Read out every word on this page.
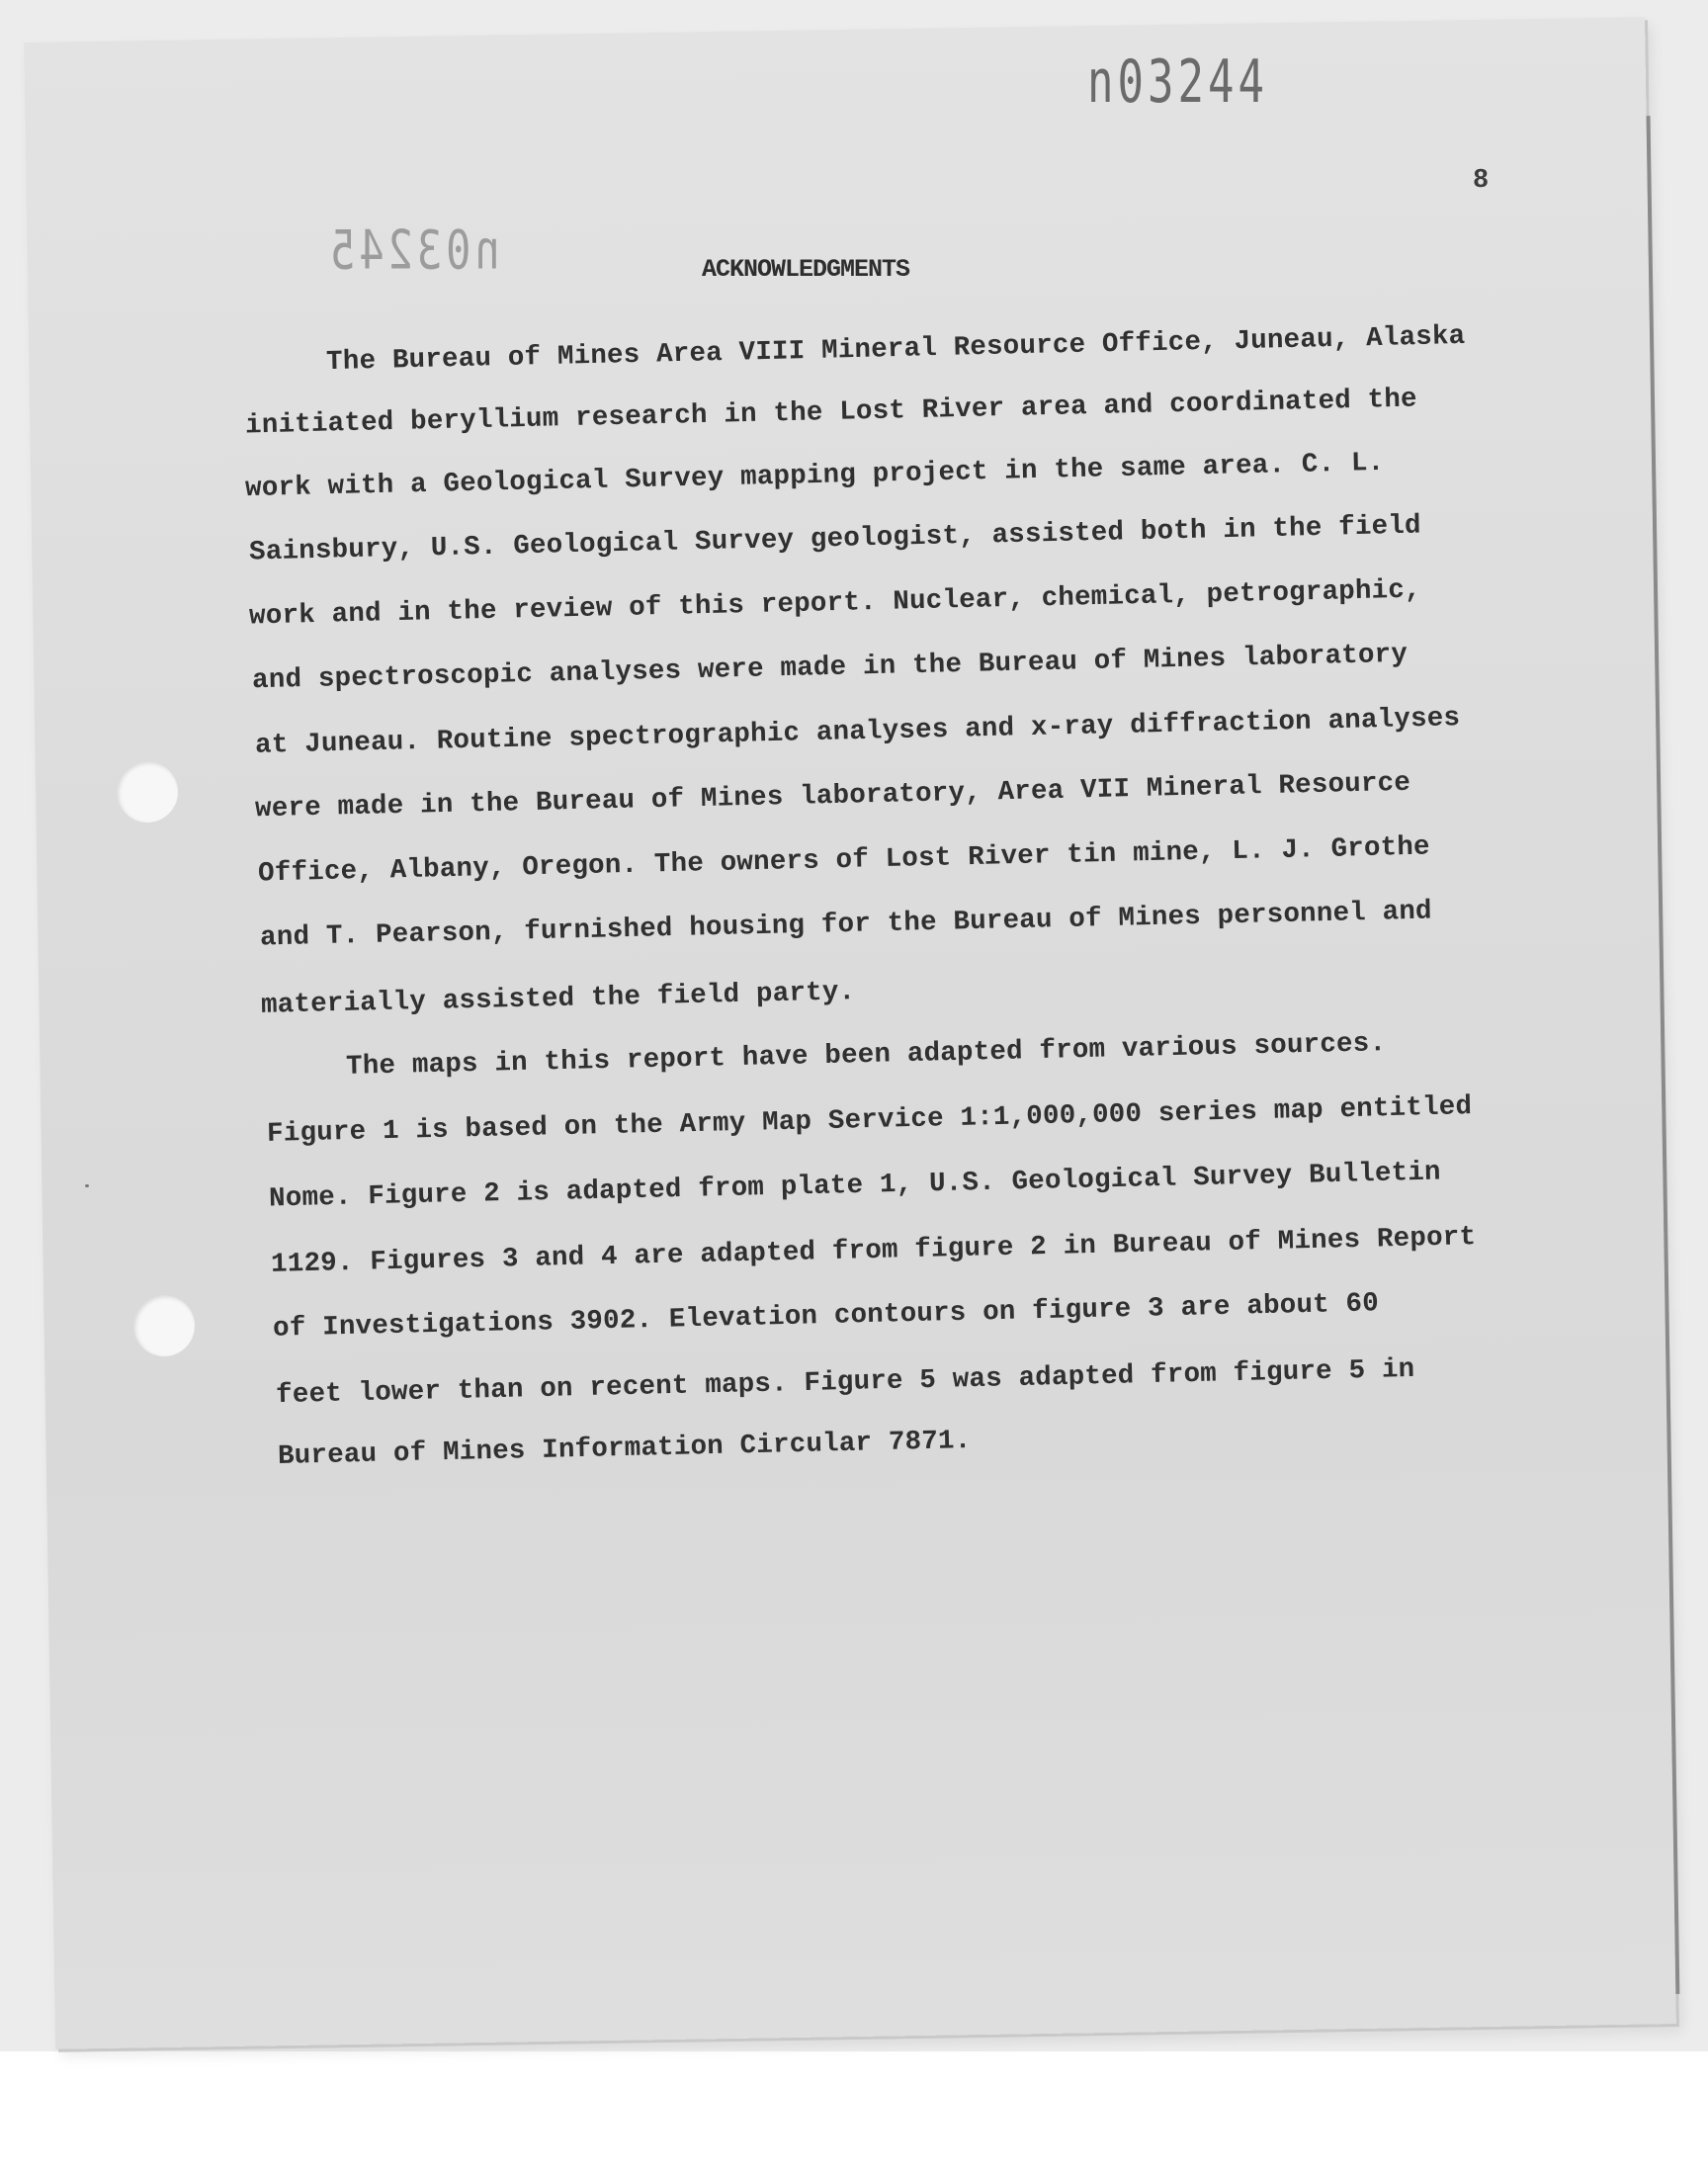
n03244
n03245
8
ACKNOWLEDGMENTS
The Bureau of Mines Area VIII Mineral Resource Office, Juneau, Alaska
initiated beryllium research in the Lost River area and coordinated the
work with a Geological Survey mapping project in the same area. C. L.
Sainsbury, U.S. Geological Survey geologist, assisted both in the field
work and in the review of this report. Nuclear, chemical, petrographic,
and spectroscopic analyses were made in the Bureau of Mines laboratory
at Juneau. Routine spectrographic analyses and x-ray diffraction analyses
were made in the Bureau of Mines laboratory, Area VII Mineral Resource
Office, Albany, Oregon. The owners of Lost River tin mine, L. J. Grothe
and T. Pearson, furnished housing for the Bureau of Mines personnel and
materially assisted the field party.
The maps in this report have been adapted from various sources.
Figure 1 is based on the Army Map Service 1:1,000,000 series map entitled
Nome. Figure 2 is adapted from plate 1, U.S. Geological Survey Bulletin
1129. Figures 3 and 4 are adapted from figure 2 in Bureau of Mines Report
of Investigations 3902. Elevation contours on figure 3 are about 60
feet lower than on recent maps. Figure 5 was adapted from figure 5 in
Bureau of Mines Information Circular 7871.
